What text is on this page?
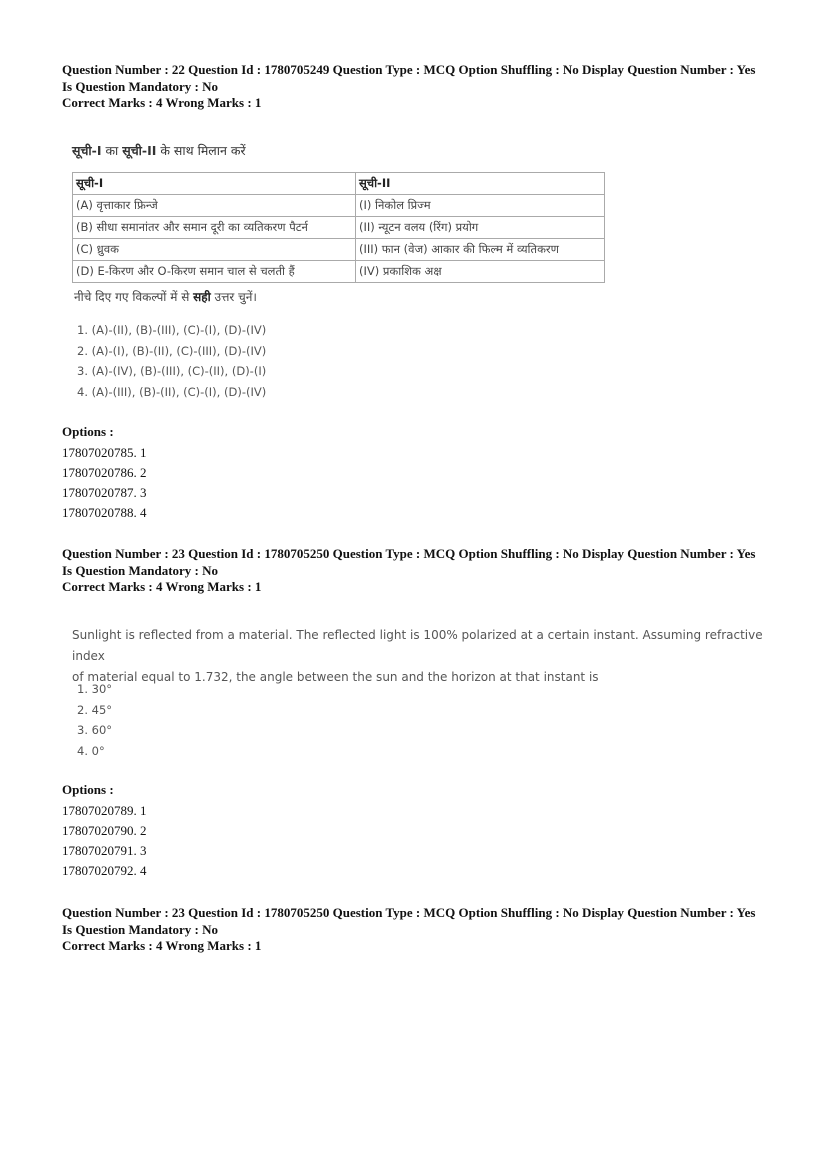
Question Number : 22 Question Id : 1780705249 Question Type : MCQ Option Shuffling : No Display Question Number : Yes
Is Question Mandatory : No
Correct Marks : 4 Wrong Marks : 1
सूची-I का सूची-II के साथ मिलान करें
सूची-I	सूची-II
(A) वृत्ताकार फ्रिन्जे	(I) निकोल प्रिज्म
(B) सीधा समानांतर और समान दूरी का व्यतिकरण पैटर्न	(II) न्यूटन वलय (रिंग) प्रयोग
(C) ध्रुवक	(III) फान (वेज) आकार की फिल्म में व्यतिकरण
(D) E-किरण और O-किरण समान चाल से चलती हैं	(IV) प्रकाशिक अक्ष
नीचे दिए गए विकल्पों में से सही उत्तर चुनें।
1. (A)-(II), (B)-(III), (C)-(I), (D)-(IV)
2. (A)-(I), (B)-(II), (C)-(III), (D)-(IV)
3. (A)-(IV), (B)-(III), (C)-(II), (D)-(I)
4. (A)-(III), (B)-(II), (C)-(I), (D)-(IV)
Options :
17807020785. 1
17807020786. 2
17807020787. 3
17807020788. 4
Question Number : 23 Question Id : 1780705250 Question Type : MCQ Option Shuffling : No Display Question Number : Yes
Is Question Mandatory : No
Correct Marks : 4 Wrong Marks : 1
Sunlight is reflected from a material. The reflected light is 100% polarized at a certain instant. Assuming refractive index
of material equal to 1.732, the angle between the sun and the horizon at that instant is
1. 30°
2. 45°
3. 60°
4. 0°
Options :
17807020789. 1
17807020790. 2
17807020791. 3
17807020792. 4
Question Number : 23 Question Id : 1780705250 Question Type : MCQ Option Shuffling : No Display Question Number : Yes
Is Question Mandatory : No
Correct Marks : 4 Wrong Marks : 1
